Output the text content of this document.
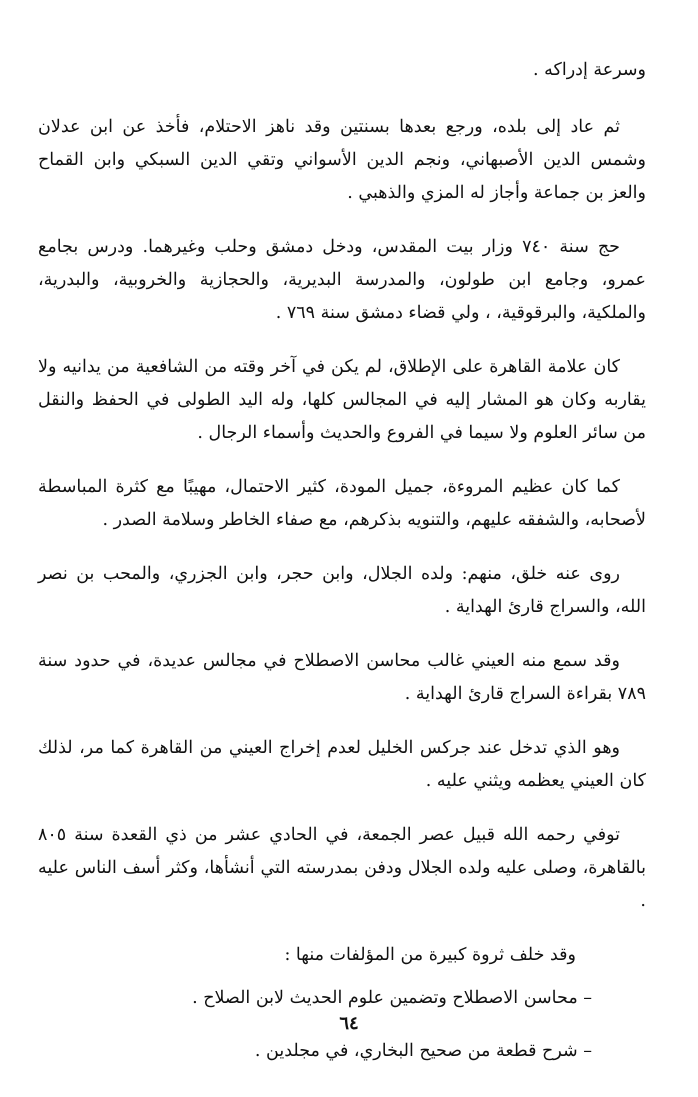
وسرعة إدراكه .

ثم عاد إلى بلده، ورجع بعدها بسنتين وقد ناهز الاحتلام، فأخذ عن ابن عدلان وشمس الدين الأصبهاني، ونجم الدين الأسواني وتقي الدين السبكي وابن القماح والعز بن جماعة وأجاز له المزي والذهبي .

حج سنة ٧٤٠ وزار بيت المقدس، ودخل دمشق وحلب وغيرهما. ودرس بجامع عمرو، وجامع ابن طولون، والمدرسة البديرية، والحجازية والخروبية، والبدرية، والملكية، والبرقوقية، ، ولي قضاء دمشق سنة ٧٦٩ .

كان علامة القاهرة على الإطلاق، لم يكن في آخر وقته من الشافعية من يدانيه ولا يقاربه وكان هو المشار إليه في المجالس كلها، وله اليد الطولى في الحفظ والنقل من سائر العلوم ولا سيما في الفروع والحديث وأسماء الرجال .

كما كان عظيم المروءة، جميل المودة، كثير الاحتمال، مهيبًا مع كثرة المباسطة لأصحابه، والشفقه عليهم، والتنويه بذكرهم، مع صفاء الخاطر وسلامة الصدر .

روى عنه خلق، منهم: ولده الجلال، وابن حجر، وابن الجزري، والمحب بن نصر الله، والسراج قارئ الهداية .

وقد سمع منه العيني غالب محاسن الاصطلاح في مجالس عديدة، في حدود سنة ٧٨٩ بقراءة السراج قارئ الهداية .

وهو الذي تدخل عند جركس الخليل لعدم إخراج العيني من القاهرة كما مر، لذلك كان العيني يعظمه ويثني عليه .

توفي رحمه الله قبيل عصر الجمعة، في الحادي عشر من ذي القعدة سنة ٨٠٥ بالقاهرة، وصلى عليه ولده الجلال ودفن بمدرسته التي أنشأها، وكثر أسف الناس عليه .

وقد خلف ثروة كبيرة من المؤلفات منها :

– محاسن الاصطلاح وتضمين علوم الحديث لابن الصلاح .

– شرح قطعة من صحيح البخاري، في مجلدين .

٦٤
